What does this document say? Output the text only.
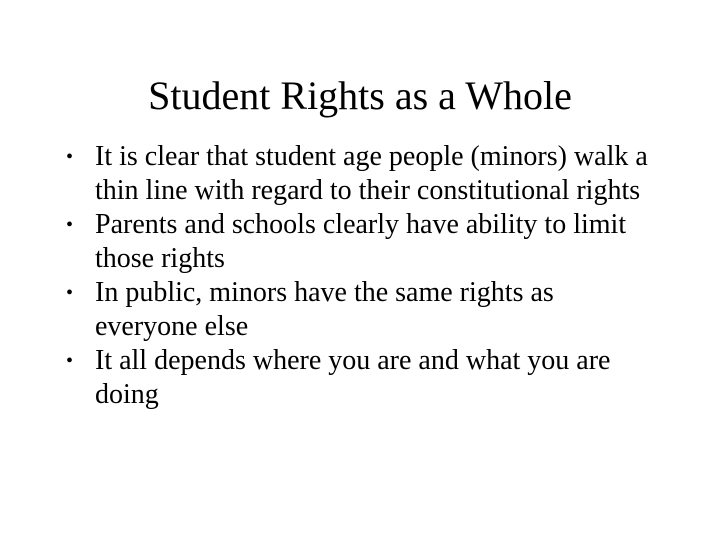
Student Rights as a Whole
• It is clear that student age people (minors) walk a thin line with regard to their constitutional rights
• Parents and schools clearly have ability to limit those rights
• In public, minors have the same rights as everyone else
• It all depends where you are and what you are doing
